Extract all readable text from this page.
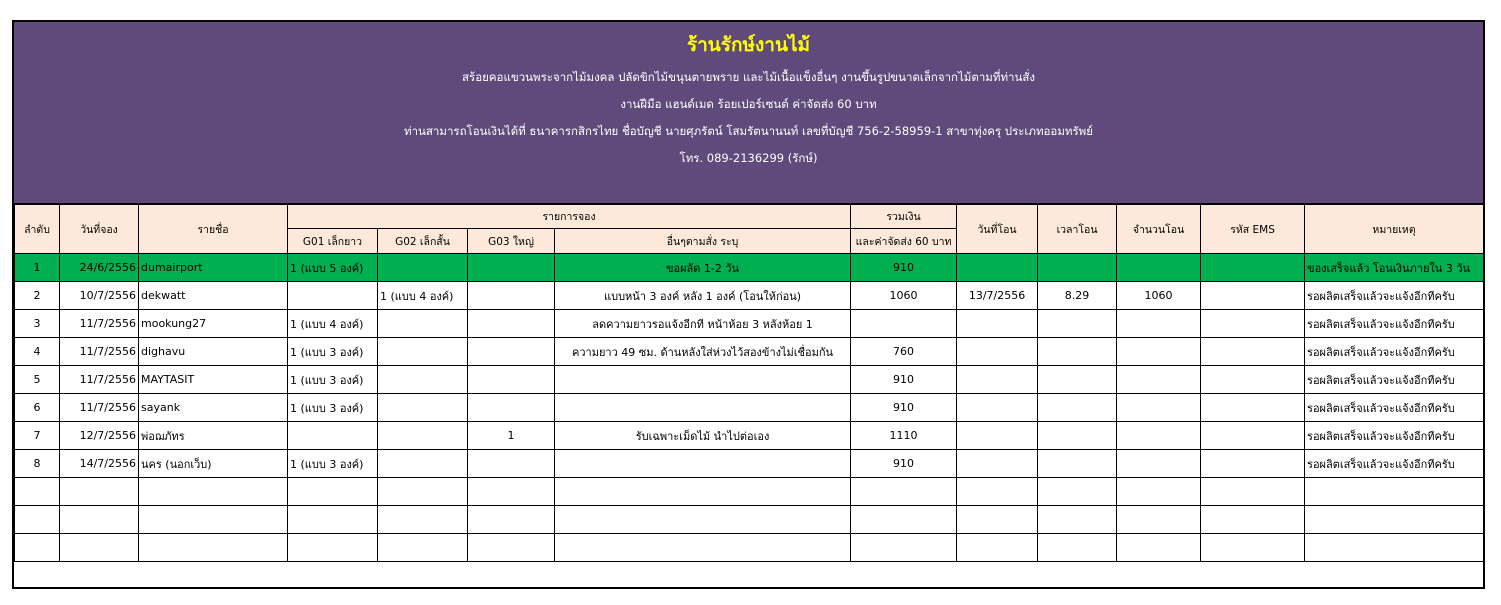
ร้านรักษ์งานไม้
สร้อยคอแขวนพระจากไม้มงคล ปลัดขิกไม้ขนุนตายพราย และไม้เนื้อแข็งอื่นๆ งานขึ้นรูปขนาดเล็กจากไม้ตามที่ท่านสั่ง
งานฝีมือ แฮนด์เมด ร้อยเปอร์เซนต์ ค่าจัดส่ง 60 บาท
ท่านสามารถโอนเงินได้ที่ ธนาคารกสิกรไทย ชื่อบัญชี นายศุภรัตน์ โสมรัตนานนท์ เลขที่บัญชี 756-2-58959-1 สาขาทุ่งครุ ประเภทออมทรัพย์
โทร. 089-2136299 (รักษ์)
ลำดับ	วันที่จอง	รายชื่อ	รายการจอง				รวมเงิน	วันที่โอน	เวลาโอน	จำนวนโอน	รหัส EMS	หมายเหตุ
			G01 เล็กยาว	G02 เล็กสั้น	G03 ใหญ่	อื่นๆตามสั่ง ระบุ	และค่าจัดส่ง 60 บาท					
1	24/6/2556	dumairport	1 (แบบ 5 องค์)			ขอผลัด 1-2 วัน	910					ของเสร็จแล้ว โอนเงินภายใน 3 วัน
2	10/7/2556	dekwatt		1 (แบบ 4 องค์)		แบบหน้า 3 องค์ หลัง 1 องค์ (โอนให้ก่อน)	1060	13/7/2556	8.29	1060		รอผลิตเสร็จแล้วจะแจ้งอีกทีครับ
3	11/7/2556	mookung27	1 (แบบ 4 องค์)			ลดความยาวรอแจ้งอีกที หน้าห้อย 3 หลังห้อย 1						รอผลิตเสร็จแล้วจะแจ้งอีกทีครับ
4	11/7/2556	dighavu	1 (แบบ 3 องค์)			ความยาว 49 ซม. ด้านหลังใส่ห่วงไว้สองข้างไม่เชื่อมกัน	760					รอผลิตเสร็จแล้วจะแจ้งอีกทีครับ
5	11/7/2556	MAYTASIT	1 (แบบ 3 องค์)				910					รอผลิตเสร็จแล้วจะแจ้งอีกทีครับ
6	11/7/2556	sayank	1 (แบบ 3 องค์)				910					รอผลิตเสร็จแล้วจะแจ้งอีกทีครับ
7	12/7/2556	พ่อฌภัทร			1	รับเฉพาะเม็ดไม้ นำไปต่อเอง	1110					รอผลิตเสร็จแล้วจะแจ้งอีกทีครับ
8	14/7/2556	นคร (นอกเว็บ)	1 (แบบ 3 องค์)				910					รอผลิตเสร็จแล้วจะแจ้งอีกทีครับ
